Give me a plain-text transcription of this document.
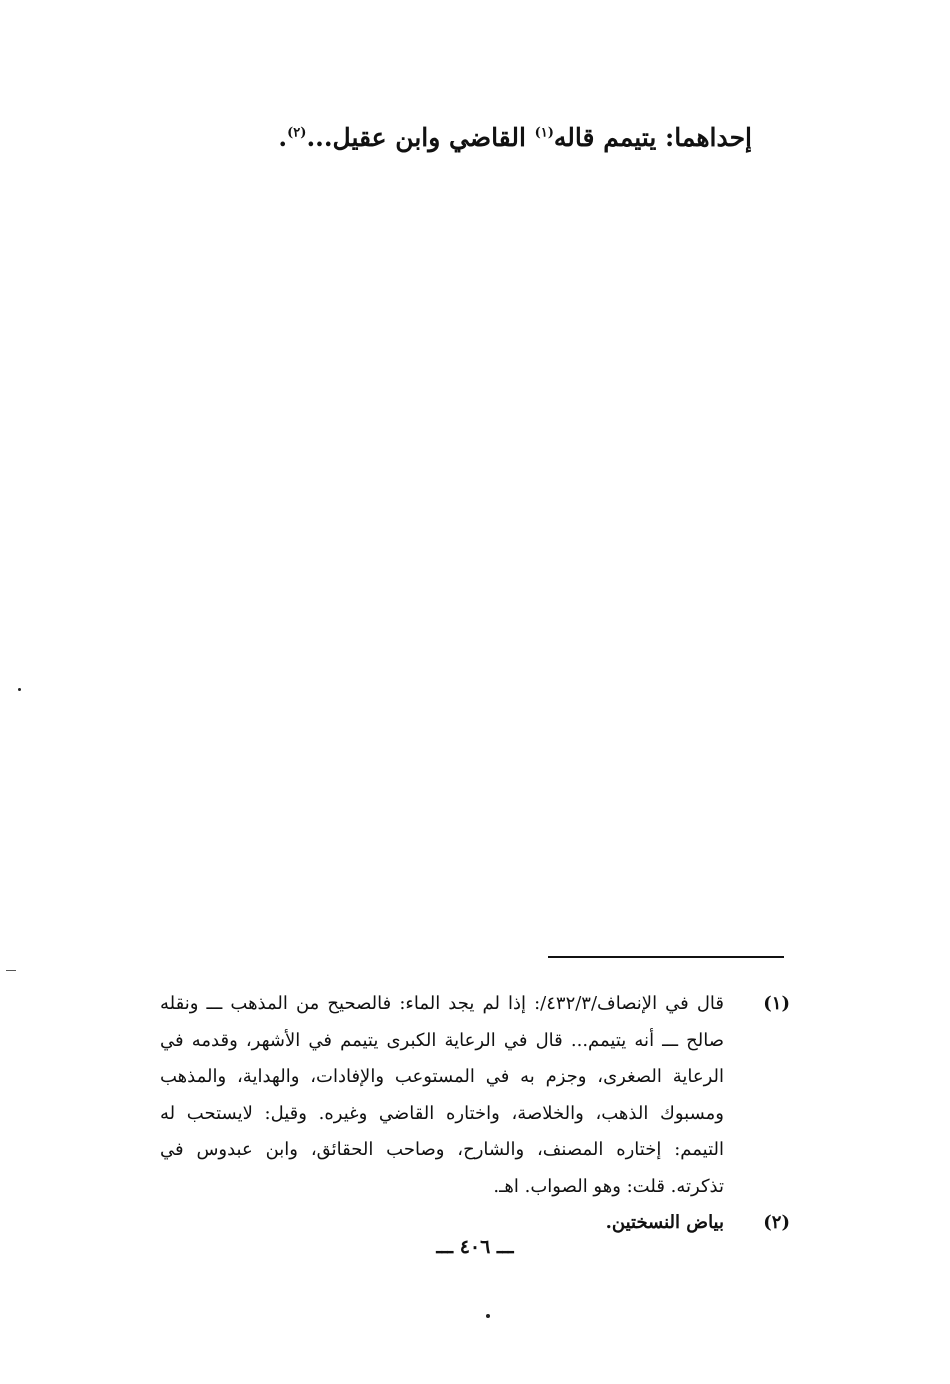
إحداهما: يتيمم قاله$^{(١)}$ القاضي وابن عقيل...$^{(٢)}$.
(١)
قال في الإنصاف/٤٣٢/٣/: إذا لم يجد الماء: فالصحيح من المذهب ـــ ونقله صالح ـــ أنه يتيمم... قال في الرعاية الكبرى يتيمم في الأشهر، وقدمه في الرعاية الصغرى، وجزم به في المستوعب والإفادات، والهداية، والمذهب ومسبوك الذهب، والخلاصة، واختاره القاضي وغيره. وقيل: لايستحب له التيمم: إختاره المصنف، والشارح، وصاحب الحقائق، وابن عبدوس في تذكرته. قلت: وهو الصواب. اهـ.
(٢)
بياض النسختين.
ـــ ٤٠٦ ـــ
